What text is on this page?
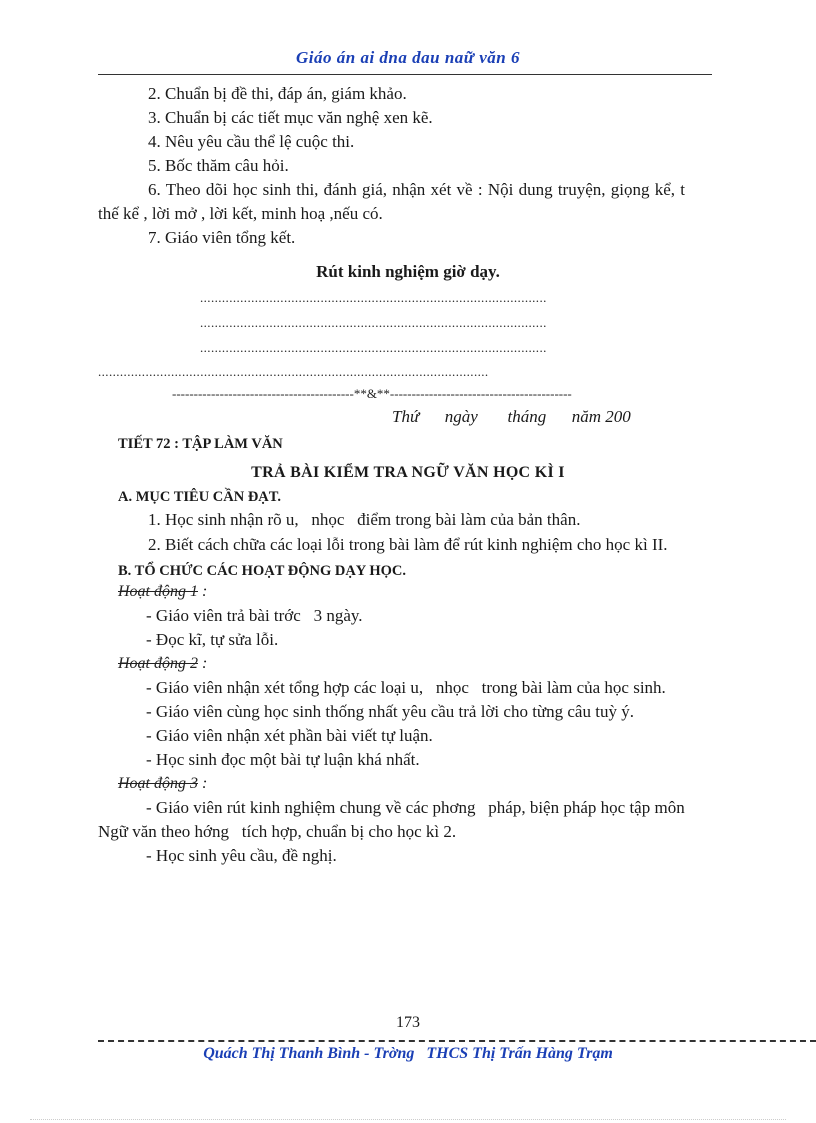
Giáo án ai dna dau naữ văn 6
2. Chuẩn bị đề thi, đáp án, giám khảo.
3. Chuẩn bị các tiết mục văn nghệ xen kẽ.
4. Nêu yêu cầu thể lệ cuộc thi.
5. Bốc thăm câu hỏi.
6. Theo dõi học sinh thi, đánh giá, nhận xét về : Nội dung truyện, giọng kể, t
thế kể , lời mở , lời kết, minh hoạ ,nếu có.
7. Giáo viên tổng kết.
Rút kinh nghiệm giờ dạy.
...............................................................................................
...............................................................................................
...............................................................................................
...........................................................................................................
------------------------------------------**&**------------------------------------------
Thứ      ngày       tháng      năm 200
TIẾT 72 : TẬP LÀM VĂN
TRẢ BÀI KIỂM TRA NGỮ VĂN HỌC KÌ I
A. MỤC TIÊU CẦN ĐẠT.
1. Học sinh nhận rõ u,   nhọc   điểm trong bài làm của bản thân.
2. Biết cách chữa các loại lỗi trong bài làm để rút kinh nghiệm cho học kì II.
B. TỔ CHỨC CÁC HOẠT ĐỘNG DẠY HỌC.
Hoạt động 1 :
- Giáo viên trả bài trớc   3 ngày.
- Đọc kĩ, tự sửa lỗi.
Hoạt động 2 :
- Giáo viên nhận xét tổng hợp các loại u,   nhọc   trong bài làm của học sinh.
- Giáo viên cùng học sinh thống nhất yêu cầu trả lời cho từng câu tuỳ ý.
- Giáo viên nhận xét phần bài viết tự luận.
- Học sinh đọc một bài tự luận khá nhất.
Hoạt động 3 :
- Giáo viên rút kinh nghiệm chung về các phơng   pháp, biện pháp học tập môn
Ngữ văn theo hớng   tích hợp, chuẩn bị cho học kì 2.
- Học sinh yêu cầu, đề nghị.
173
Quách Thị Thanh Bình - Trờng   THCS Thị Trấn Hàng Trạm
